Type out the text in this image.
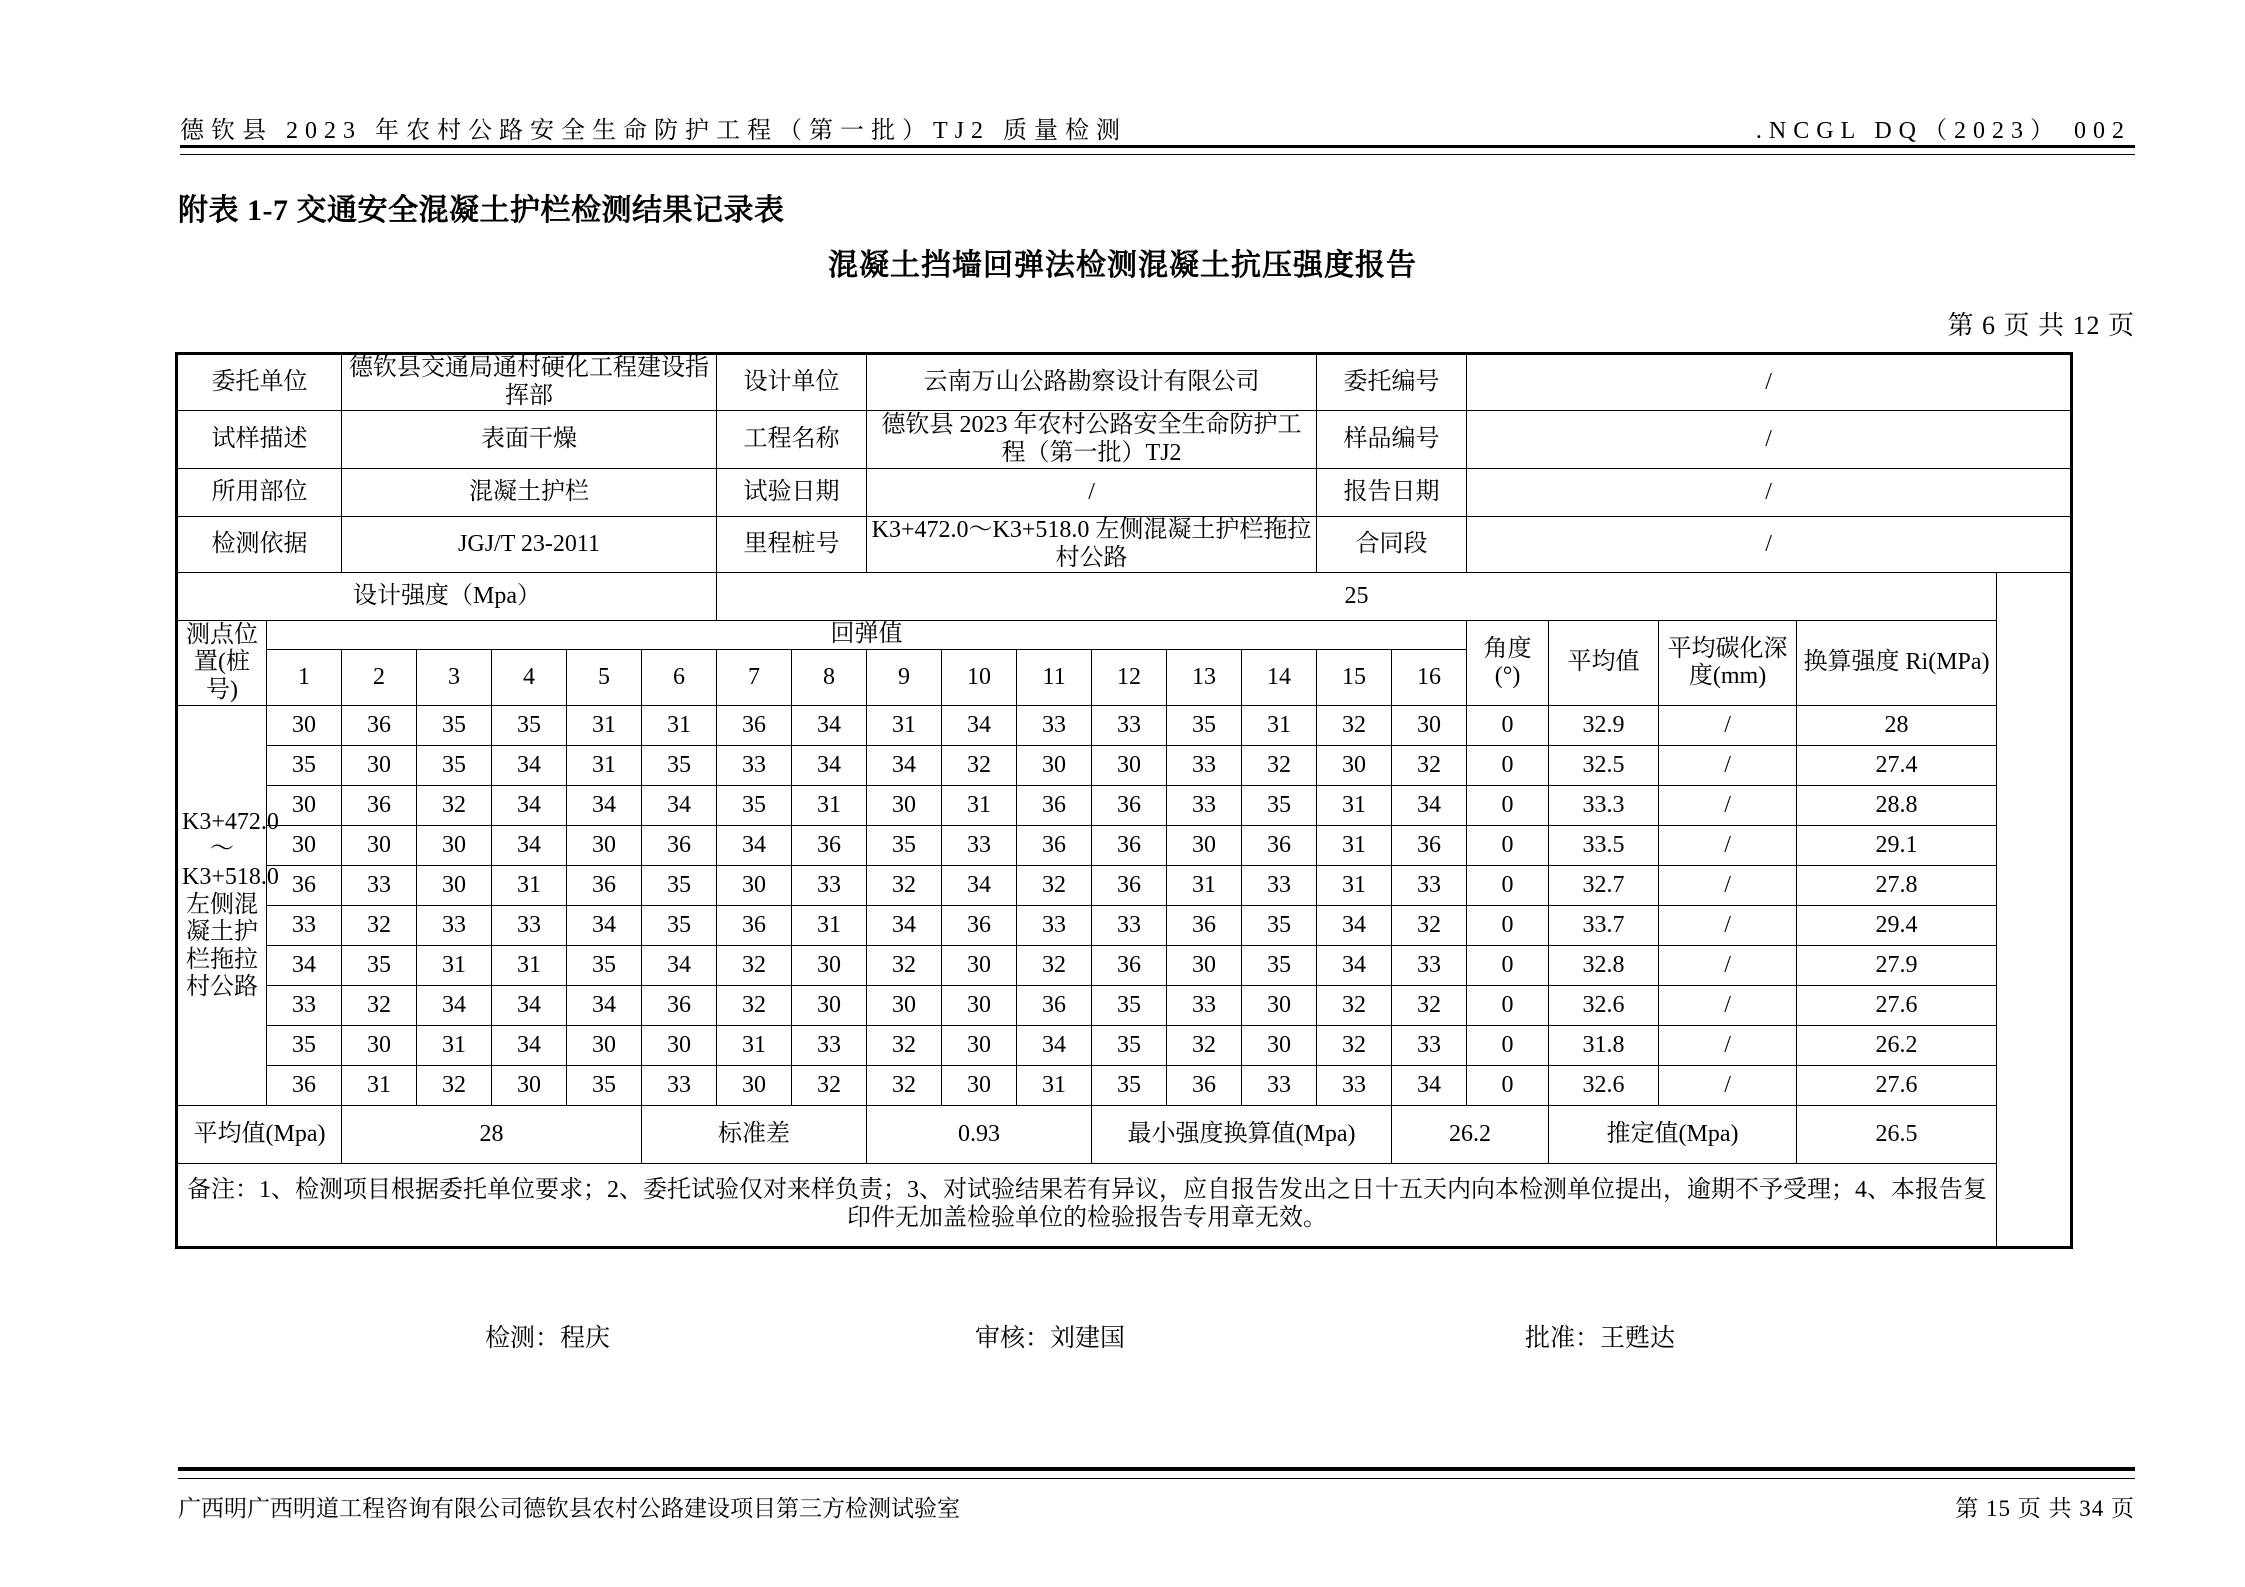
德钦县 2023 年农村公路安全生命防护工程（第一批）TJ2 质量检测	.NCGL DQ（2023） 002
附表 1-7 交通安全混凝土护栏检测结果记录表
混凝土挡墙回弹法检测混凝土抗压强度报告
第 6 页 共 12 页
委托单位		德钦县交通局通村硬化工程建设指挥部					设计单位		云南万山公路勘察设计有限公司						委托编号		/			
试样描述		表面干燥					工程名称		德钦县 2023 年农村公路安全生命防护工程（第一批）TJ2						样品编号		/			
所用部位		混凝土护栏					试验日期		/						报告日期		/			
检测依据		JGJ/T 23-2011					里程桩号		K3+472.0～K3+518.0 左侧混凝土护栏拖拉村公路						合同段		/			
设计强度（Mpa）							25													
测点位置(桩号)	回弹值																角度(°)	平均值	平均碳化深度(mm)	换算强度 Ri(MPa)
	1	2	3	4	5	6	7	8	9	10	11	12	13	14	15	16				
K3+472.0～K3+518.0 左侧混凝土护栏拖拉村公路	30	36	35	35	31	31	36	34	31	34	33	33	35	31	32	30	0	32.9	/	28
	35	30	35	34	31	35	33	34	34	32	30	30	33	32	30	32	0	32.5	/	27.4
	30	36	32	34	34	34	35	31	30	31	36	36	33	35	31	34	0	33.3	/	28.8
	30	30	30	34	30	36	34	36	35	33	36	36	30	36	31	36	0	33.5	/	29.1
	36	33	30	31	36	35	30	33	32	34	32	36	31	33	31	33	0	32.7	/	27.8
	33	32	33	33	34	35	36	31	34	36	33	33	36	35	34	32	0	33.7	/	29.4
	34	35	31	31	35	34	32	30	32	30	32	36	30	35	34	33	0	32.8	/	27.9
	33	32	34	34	34	36	32	30	30	30	36	35	33	30	32	32	0	32.6	/	27.6
	35	30	31	34	30	30	31	33	32	30	34	35	32	30	32	33	0	31.8	/	26.2
	36	31	32	30	35	33	30	32	32	30	31	35	36	33	33	34	0	32.6	/	27.6
平均值(Mpa)		28				标准差			0.93			最小强度换算值(Mpa)				26.2		推定值(Mpa)		26.5
备注：1、检测项目根据委托单位要求；2、委托试验仅对来样负责；3、对试验结果若有异议，应自报告发出之日十五天内向本检测单位提出，逾期不予受理；4、本报告复印件无加盖检验单位的检验报告专用章无效。																				
检测：程庆	审核：刘建国	批准：王甦达
广西明广西明道工程咨询有限公司德钦县农村公路建设项目第三方检测试验室	第 15 页 共 34 页
